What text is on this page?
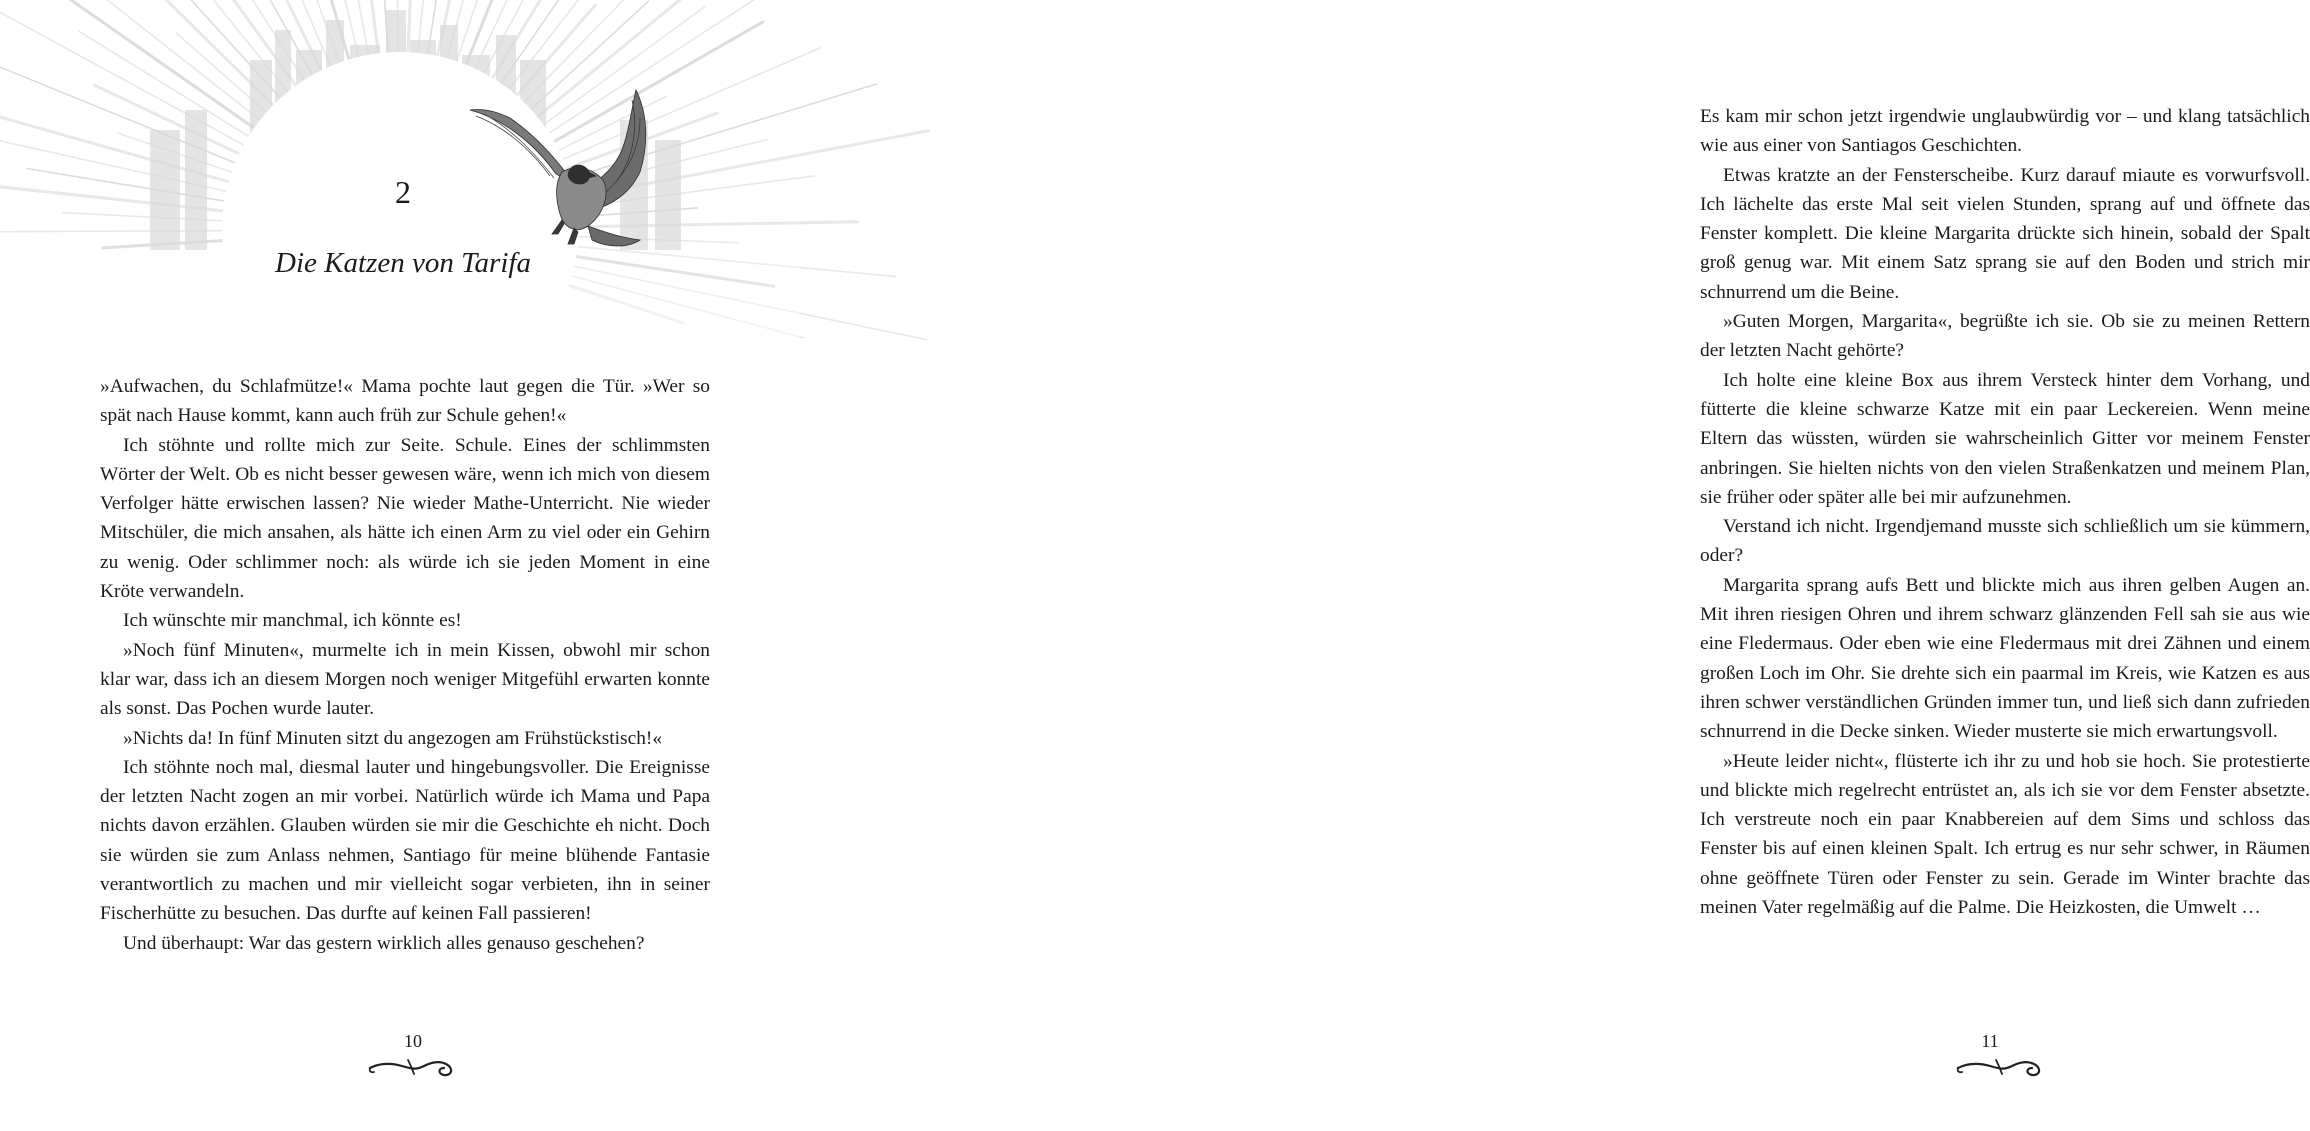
2
Die Katzen von Tarifa

»Aufwachen, du Schlafmütze!« Mama pochte laut gegen die Tür. »Wer so spät nach Hause kommt, kann auch früh zur Schule gehen!«

Ich stöhnte und rollte mich zur Seite. Schule. Eines der schlimmsten Wörter der Welt. Ob es nicht besser gewesen wäre, wenn ich mich von diesem Verfolger hätte erwischen lassen? Nie wieder Mathe-Unterricht. Nie wieder Mitschüler, die mich ansahen, als hätte ich einen Arm zu viel oder ein Gehirn zu wenig. Oder schlimmer noch: als würde ich sie jeden Moment in eine Kröte verwandeln.

Ich wünschte mir manchmal, ich könnte es!

»Noch fünf Minuten«, murmelte ich in mein Kissen, obwohl mir schon klar war, dass ich an diesem Morgen noch weniger Mitgefühl erwarten konnte als sonst. Das Pochen wurde lauter.

»Nichts da! In fünf Minuten sitzt du angezogen am Frühstückstisch!«

Ich stöhnte noch mal, diesmal lauter und hingebungsvoller. Die Ereignisse der letzten Nacht zogen an mir vorbei. Natürlich würde ich Mama und Papa nichts davon erzählen. Glauben würden sie mir die Geschichte eh nicht. Doch sie würden sie zum Anlass nehmen, Santiago für meine blühende Fantasie verantwortlich zu machen und mir vielleicht sogar verbieten, ihn in seiner Fischerhütte zu besuchen. Das durfte auf keinen Fall passieren!

Und überhaupt: War das gestern wirklich alles genauso geschehen?

10

Es kam mir schon jetzt irgendwie unglaubwürdig vor – und klang tatsächlich wie aus einer von Santiagos Geschichten.

Etwas kratzte an der Fensterscheibe. Kurz darauf miaute es vorwurfsvoll. Ich lächelte das erste Mal seit vielen Stunden, sprang auf und öffnete das Fenster komplett. Die kleine Margarita drückte sich hinein, sobald der Spalt groß genug war. Mit einem Satz sprang sie auf den Boden und strich mir schnurrend um die Beine.

»Guten Morgen, Margarita«, begrüßte ich sie. Ob sie zu meinen Rettern der letzten Nacht gehörte?

Ich holte eine kleine Box aus ihrem Versteck hinter dem Vorhang, und fütterte die kleine schwarze Katze mit ein paar Leckereien. Wenn meine Eltern das wüssten, würden sie wahrscheinlich Gitter vor meinem Fenster anbringen. Sie hielten nichts von den vielen Straßenkatzen und meinem Plan, sie früher oder später alle bei mir aufzunehmen.

Verstand ich nicht. Irgendjemand musste sich schließlich um sie kümmern, oder?

Margarita sprang aufs Bett und blickte mich aus ihren gelben Augen an. Mit ihren riesigen Ohren und ihrem schwarz glänzenden Fell sah sie aus wie eine Fledermaus. Oder eben wie eine Fledermaus mit drei Zähnen und einem großen Loch im Ohr. Sie drehte sich ein paarmal im Kreis, wie Katzen es aus ihren schwer verständlichen Gründen immer tun, und ließ sich dann zufrieden schnurrend in die Decke sinken. Wieder musterte sie mich erwartungsvoll.

»Heute leider nicht«, flüsterte ich ihr zu und hob sie hoch. Sie protestierte und blickte mich regelrecht entrüstet an, als ich sie vor dem Fenster absetzte. Ich verstreute noch ein paar Knabbereien auf dem Sims und schloss das Fenster bis auf einen kleinen Spalt. Ich ertrug es nur sehr schwer, in Räumen ohne geöffnete Türen oder Fenster zu sein. Gerade im Winter brachte das meinen Vater regelmäßig auf die Palme. Die Heizkosten, die Umwelt …

11
